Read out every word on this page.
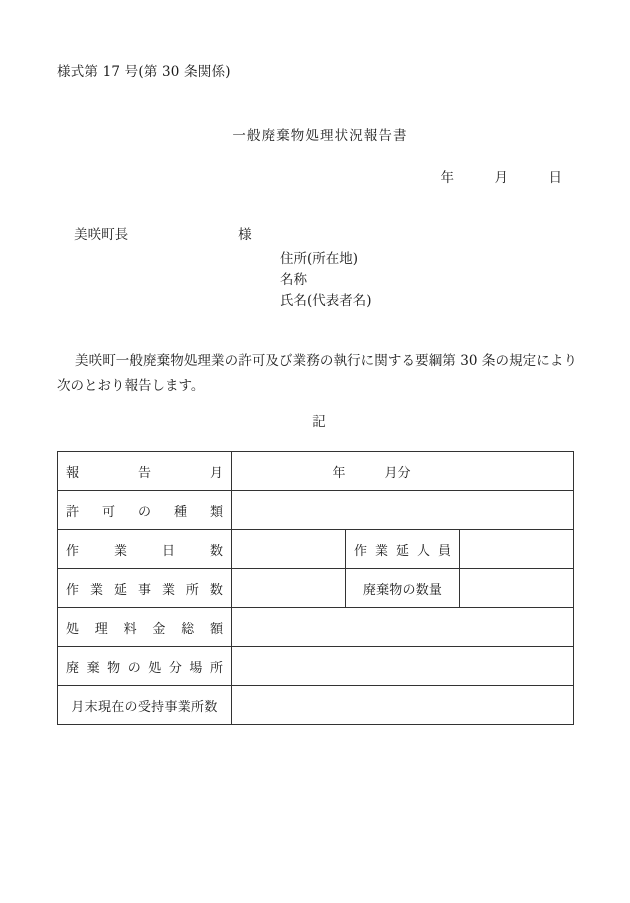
様式第 17 号(第 30 条関係)
一般廃棄物処理状況報告書
年　　　月　　　日

美咲町長	様

住所(所在地)
名称
氏名(代表者名)
美咲町一般廃棄物処理業の許可及び業務の執行に関する要綱第 30 条の規定により次のとおり報告します。
記
報 告 月	年　　　月分		

許 可 の 種 類			

作 業 日 数		作 業 延 人 員	

作 業 延 事 業 所 数		廃棄物の数量

処 理 料 金 総 額

廃 棄 物 の 処 分 場 所

月末現在の受持事業所数			
